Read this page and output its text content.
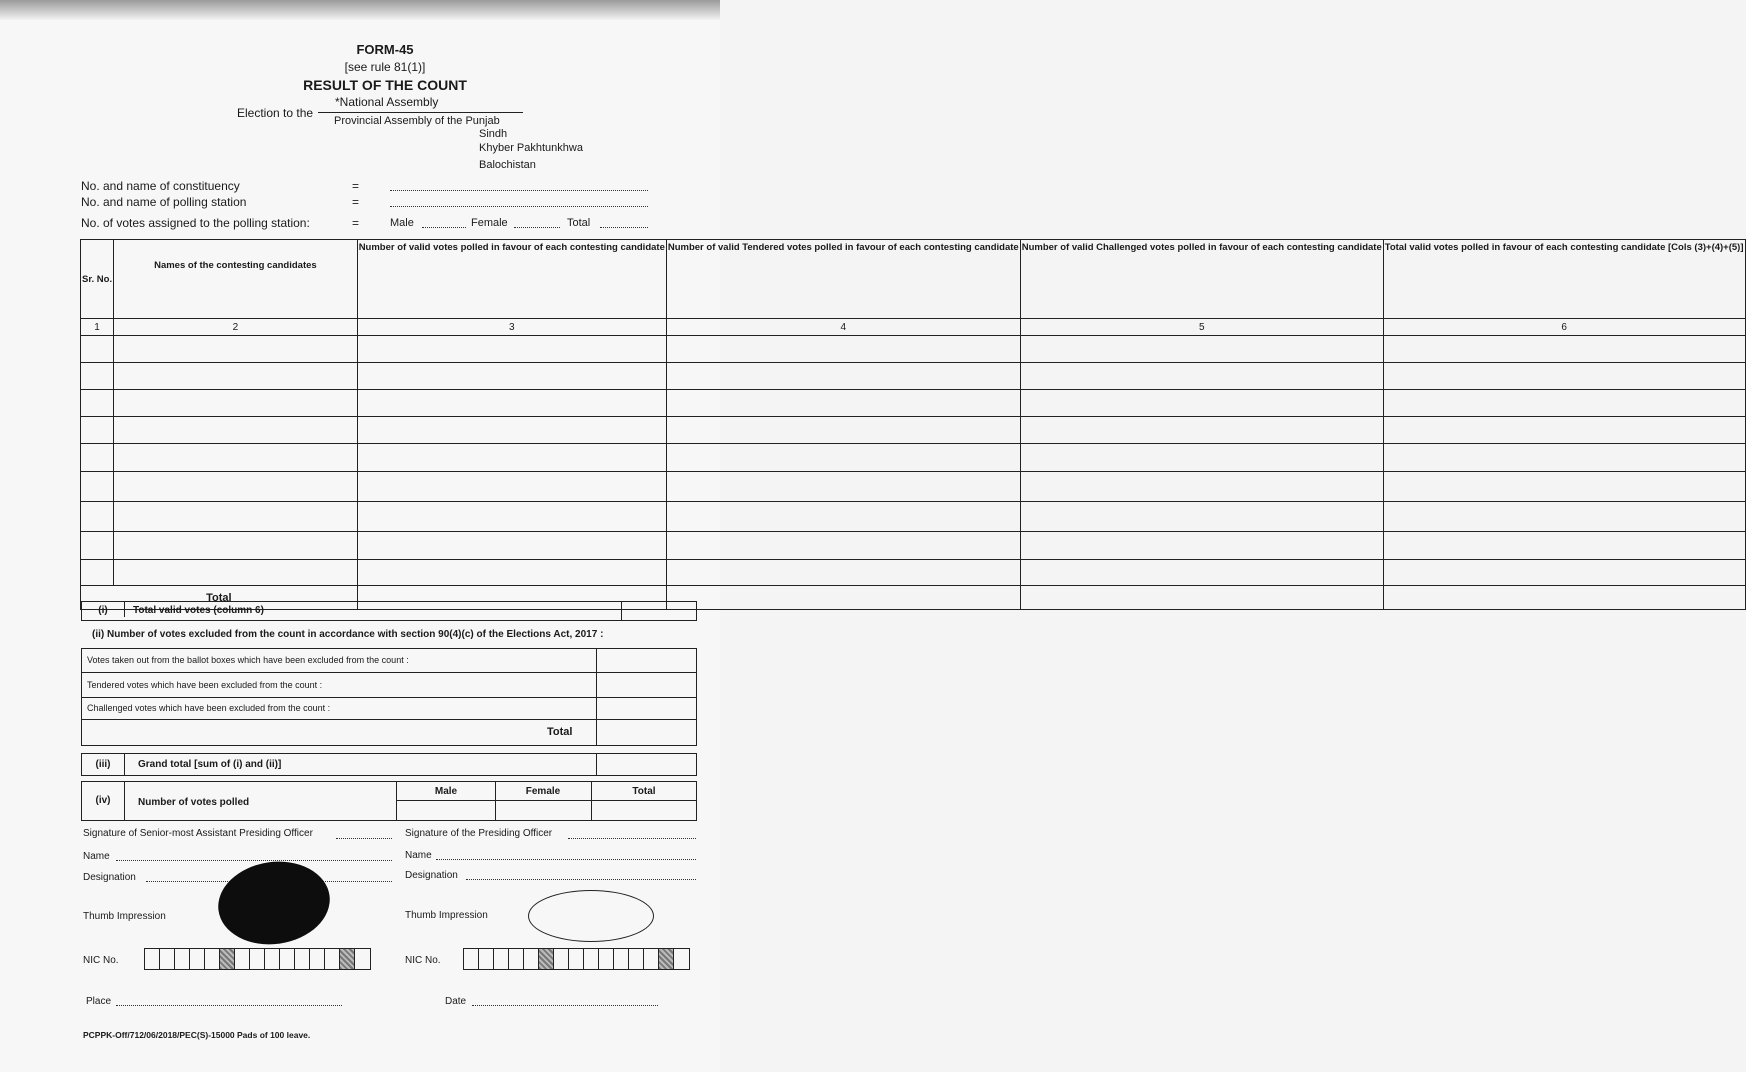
FORM-45
[see rule 81(1)]
RESULT OF THE COUNT
Election to the
*National Assembly
Provincial Assembly of the Punjab
Sindh
Khyber Pakhtunkhwa
Balochistan
No. and name of constituency	=
No. and name of polling station	=
No. of votes assigned to the polling station:	=	Male	Female	Total
Sr. No.	Names of the contesting candidates	Number of valid votes polled in favour of each contesting candidate	Number of valid Tendered votes polled in favour of each contesting candidate	Number of valid Challenged votes polled in favour of each contesting candidate	Total valid votes polled in favour of each contesting candidate [Cols (3)+(4)+(5)]
1	2	3	4	5	6

Total					
(i)	Total valid votes (column 6)
(ii) Number of votes excluded from the count in accordance with section 90(4)(c) of the Elections Act, 2017 :
Votes taken out from the ballot boxes which have been excluded from the count :
Tendered votes which have been excluded from the count :
Challenged votes which have been excluded from the count :
Total
(iii)	Grand total [sum of (i) and (ii)]
(iv)	Number of votes polled
Male	Female	Total
Signature of Senior-most Assistant Presiding Officer
Name
Designation
Thumb Impression
NIC No.
Signature of the Presiding Officer
Name
Designation
Thumb Impression
NIC No.
Place	Date
PCPPK-Off/712/06/2018/PEC(S)-15000 Pads of 100 leave.
